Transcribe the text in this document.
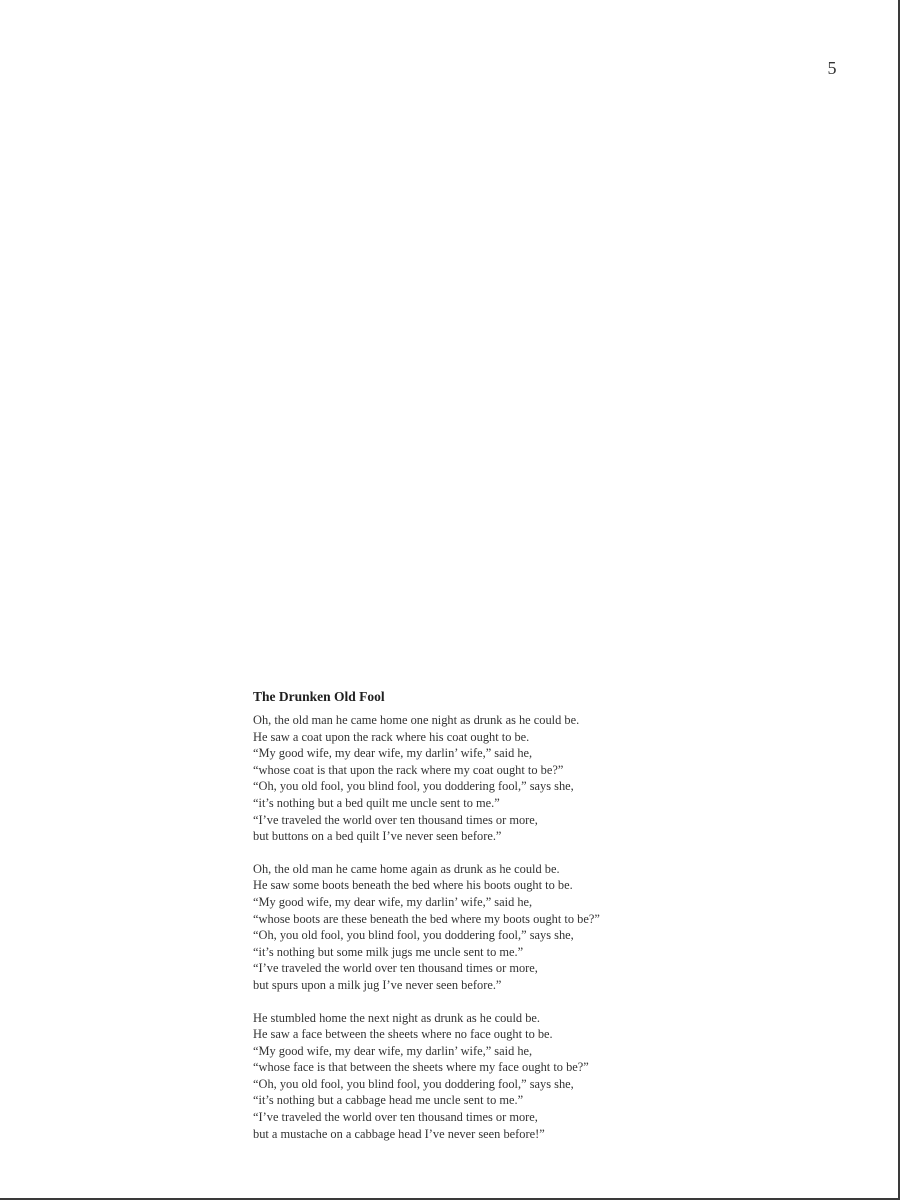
5
The Drunken Old Fool
Oh, the old man he came home one night as drunk as he could be.
He saw a coat upon the rack where his coat ought to be.
“My good wife, my dear wife, my darlin’ wife,” said he,
“whose coat is that upon the rack where my coat ought to be?”
“Oh, you old fool, you blind fool, you doddering fool,” says she,
“it’s nothing but a bed quilt me uncle sent to me.”
“I’ve traveled the world over ten thousand times or more,
but buttons on a bed quilt I’ve never seen before.”
Oh, the old man he came home again as drunk as he could be.
He saw some boots beneath the bed where his boots ought to be.
“My good wife, my dear wife, my darlin’ wife,” said he,
“whose boots are these beneath the bed where my boots ought to be?”
“Oh, you old fool, you blind fool, you doddering fool,” says she,
“it’s nothing but some milk jugs me uncle sent to me.”
“I’ve traveled the world over ten thousand times or more,
but spurs upon a milk jug I’ve never seen before.”
He stumbled home the next night as drunk as he could be.
He saw a face between the sheets where no face ought to be.
“My good wife, my dear wife, my darlin’ wife,” said he,
“whose face is that between the sheets where my face ought to be?”
“Oh, you old fool, you blind fool, you doddering fool,” says she,
“it’s nothing but a cabbage head me uncle sent to me.”
“I’ve traveled the world over ten thousand times or more,
but a mustache on a cabbage head I’ve never seen before!”
